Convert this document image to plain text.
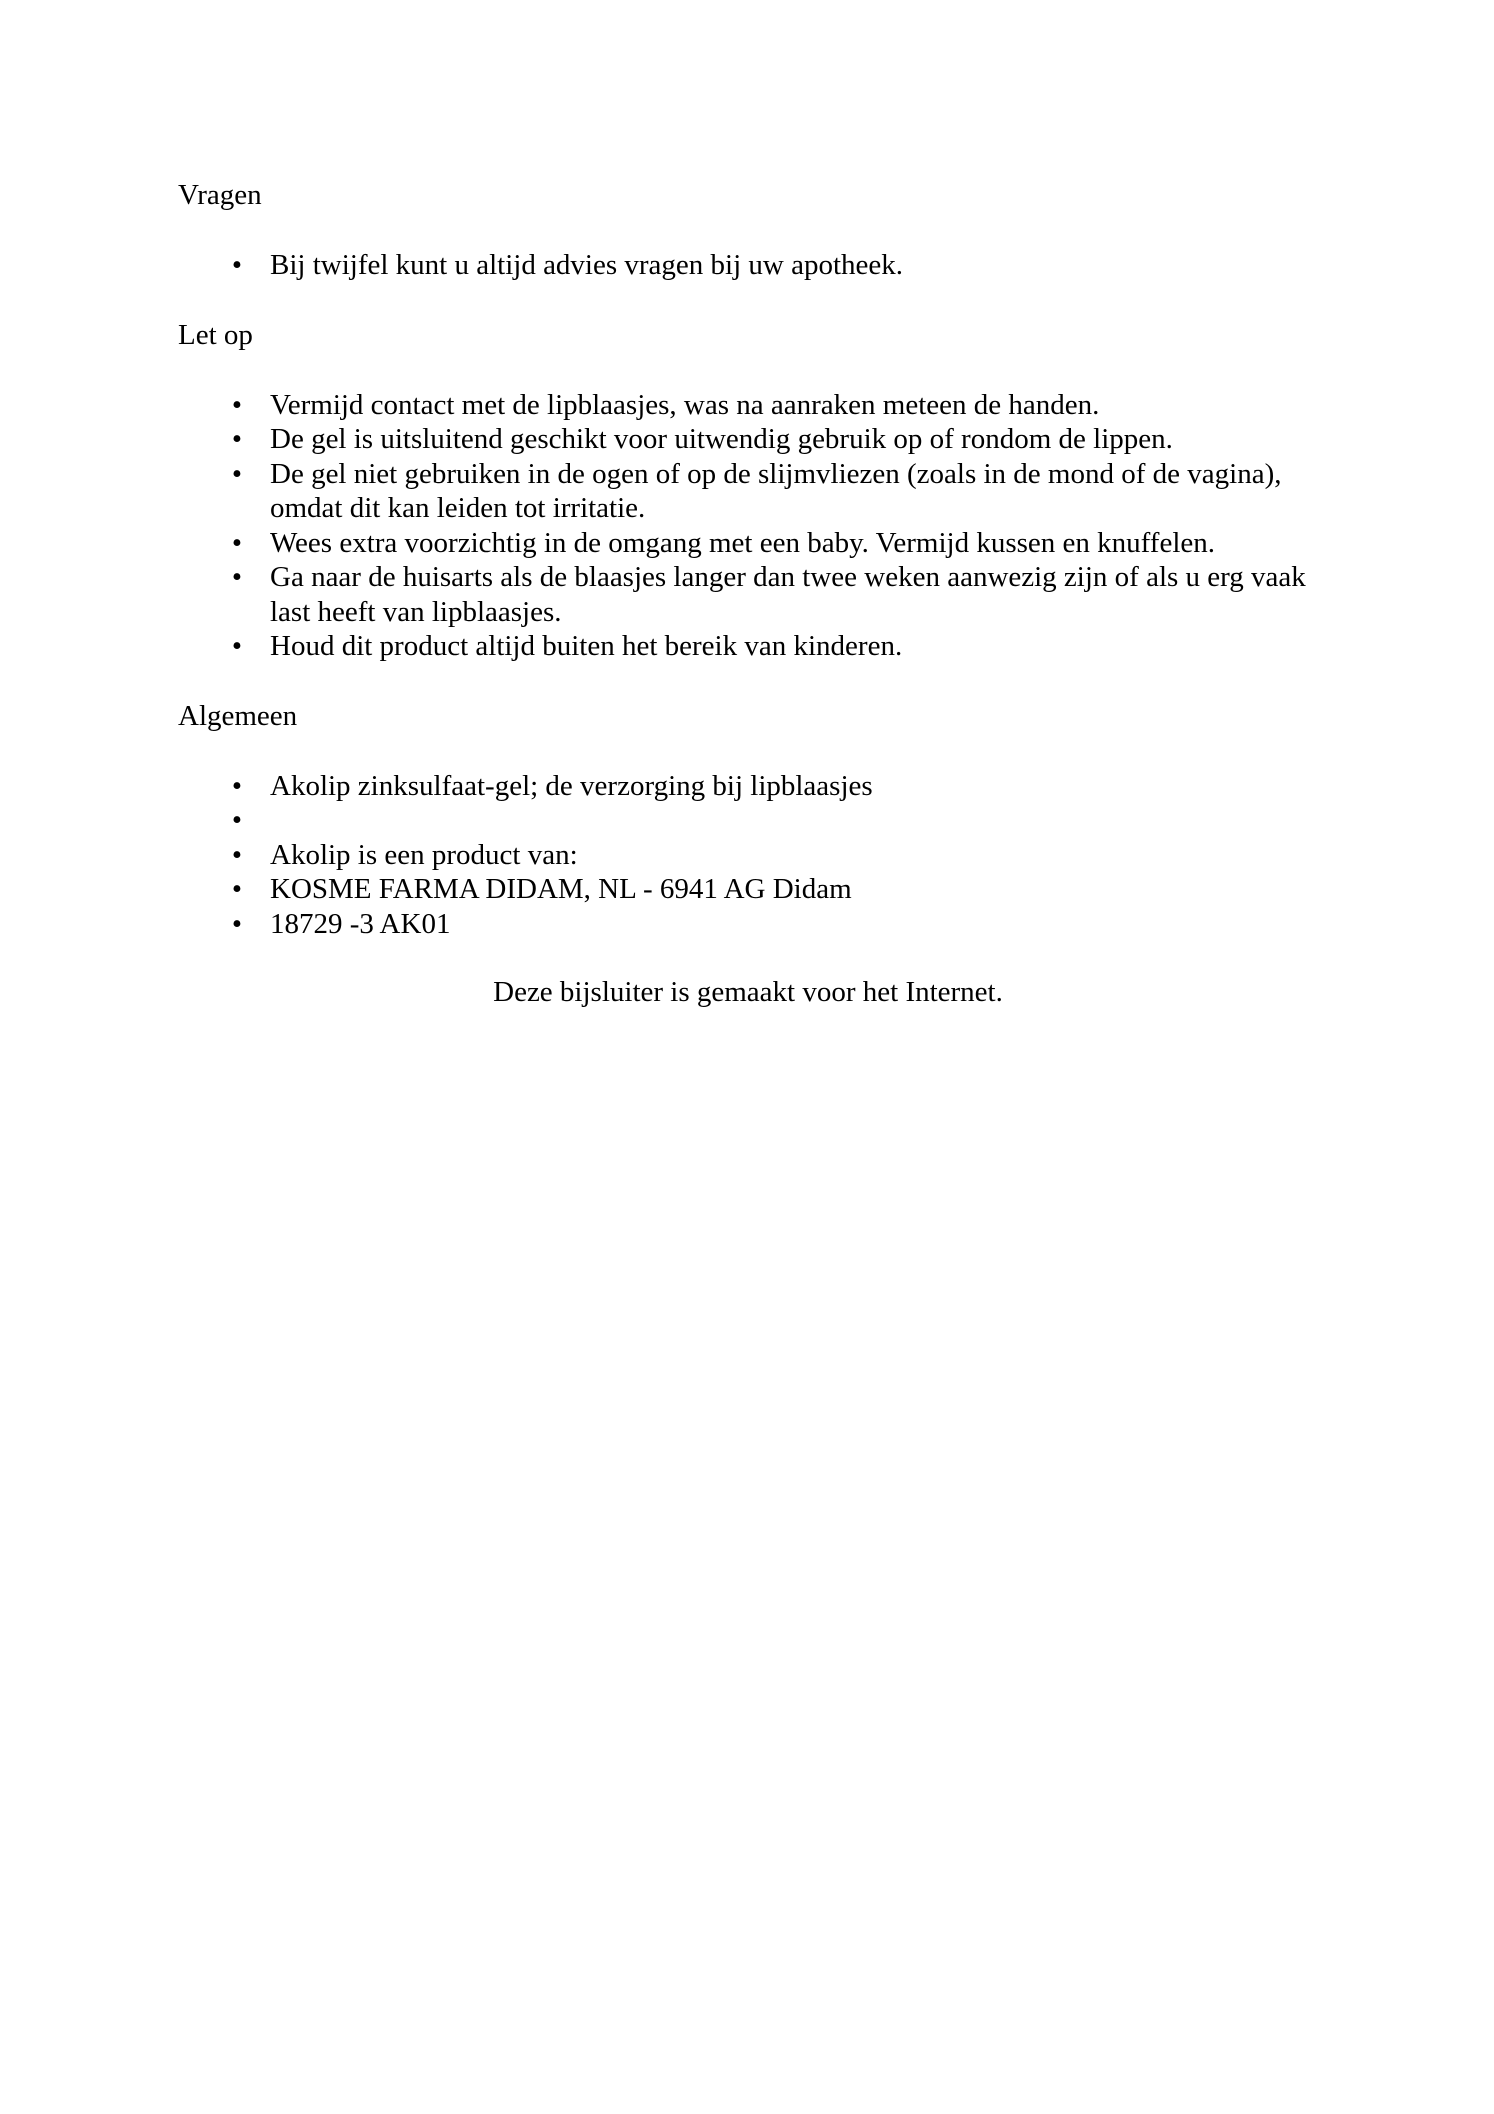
Vragen
• Bij twijfel kunt u altijd advies vragen bij uw apotheek.
Let op
• Vermijd contact met de lipblaasjes, was na aanraken meteen de handen.
• De gel is uitsluitend geschikt voor uitwendig gebruik op of rondom de lippen.
• De gel niet gebruiken in de ogen of op de slijmvliezen (zoals in de mond of de vagina), omdat dit kan leiden tot irritatie.
• Wees extra voorzichtig in de omgang met een baby. Vermijd kussen en knuffelen.
• Ga naar de huisarts als de blaasjes langer dan twee weken aanwezig zijn of als u erg vaak last heeft van lipblaasjes.
• Houd dit product altijd buiten het bereik van kinderen.
Algemeen
• Akolip zinksulfaat-gel; de verzorging bij lipblaasjes
•
• Akolip is een product van:
• KOSME FARMA DIDAM, NL - 6941 AG Didam
• 18729 -3 AK01
Deze bijsluiter is gemaakt voor het Internet.
